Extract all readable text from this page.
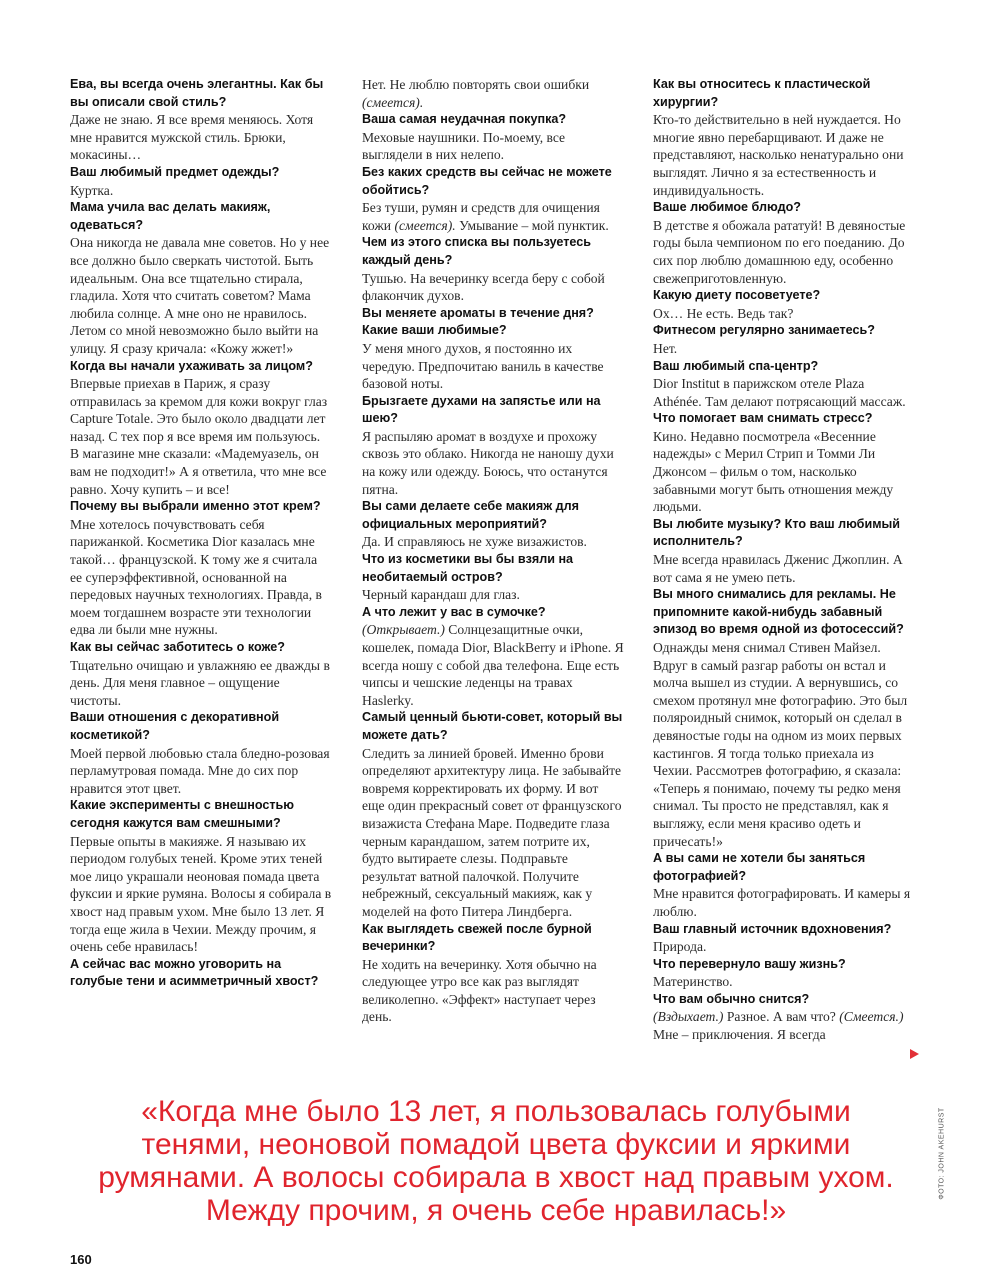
Ева, вы всегда очень элегантны. Как бы вы описали свой стиль?

Даже не знаю. Я все время меняюсь. Хотя мне нравится мужской стиль. Брюки, мокасины…

Ваш любимый предмет одежды?

Куртка.

Мама учила вас делать макияж, одеваться?

Она никогда не давала мне советов. Но у нее все должно было сверкать чистотой. Быть идеальным. Она все тщательно стирала, гладила. Хотя что считать советом? Мама любила солнце. А мне оно не нравилось. Летом со мной невозможно было выйти на улицу. Я сразу кричала: «Кожу жжет!»

Когда вы начали ухаживать за лицом?

Впервые приехав в Париж, я сразу отправилась за кремом для кожи вокруг глаз Capture Totale. Это было около двадцати лет назад. С тех пор я все время им пользуюсь. В магазине мне сказали: «Мадемуазель, он вам не подходит!» А я ответила, что мне все равно. Хочу купить – и все!

Почему вы выбрали именно этот крем?

Мне хотелось почувствовать себя парижанкой. Косметика Dior казалась мне такой… французской. К тому же я считала ее суперэффективной, основанной на передовых научных технологиях. Правда, в моем тогдашнем возрасте эти технологии едва ли были мне нужны.

Как вы сейчас заботитесь о коже?

Тщательно очищаю и увлажняю ее дважды в день. Для меня главное – ощущение чистоты.

Ваши отношения с декоративной косметикой?

Моей первой любовью стала бледно-розовая перламутровая помада. Мне до сих пор нравится этот цвет.

Какие эксперименты с внешностью сегодня кажутся вам смешными?

Первые опыты в макияже. Я называю их периодом голубых теней. Кроме этих теней мое лицо украшали неоновая помада цвета фуксии и яркие румяна. Волосы я собирала в хвост над правым ухом. Мне было 13 лет. Я тогда еще жила в Чехии. Между прочим, я очень себе нравилась!

А сейчас вас можно уговорить на голубые тени и асимметричный хвост?

Нет. Не люблю повторять свои ошибки (смеется).

Ваша самая неудачная покупка?

Меховые наушники. По-моему, все выглядели в них нелепо.

Без каких средств вы сейчас не можете обойтись?

Без туши, румян и средств для очищения кожи (смеется). Умывание – мой пунктик.

Чем из этого списка вы пользуетесь каждый день?

Тушью. На вечеринку всегда беру с собой флакончик духов.

Вы меняете ароматы в течение дня? Какие ваши любимые?

У меня много духов, я постоянно их чередую. Предпочитаю ваниль в качестве базовой ноты.

Брызгаете духами на запястье или на шею?

Я распыляю аромат в воздухе и прохожу сквозь это облако. Никогда не наношу духи на кожу или одежду. Боюсь, что останутся пятна.

Вы сами делаете себе макияж для официальных мероприятий?

Да. И справляюсь не хуже визажистов.

Что из косметики вы бы взяли на необитаемый остров?

Черный карандаш для глаз.

А что лежит у вас в сумочке?

(Открывает.) Солнцезащитные очки, кошелек, помада Dior, BlackBerry и iPhone. Я всегда ношу с собой два телефона. Еще есть чипсы и чешские леденцы на травах Haslerky.

Самый ценный бьюти-совет, который вы можете дать?

Следить за линией бровей. Именно брови определяют архитектуру лица. Не забывайте вовремя корректировать их форму. И вот еще один прекрасный совет от французского визажиста Стефана Маре. Подведите глаза черным карандашом, затем потрите их, будто вытираете слезы. Подправьте результат ватной палочкой. Получите небрежный, сексуальный макияж, как у моделей на фото Питера Линдберга.

Как выглядеть свежей после бурной вечеринки?

Не ходить на вечеринку. Хотя обычно на следующее утро все как раз выглядят великолепно. «Эффект» наступает через день.

Как вы относитесь к пластической хирургии?

Кто-то действительно в ней нуждается. Но многие явно перебарщивают. И даже не представляют, насколько ненатурально они выглядят. Лично я за естественность и индивидуальность.

Ваше любимое блюдо?

В детстве я обожала рататуй! В девяностые годы была чемпионом по его поеданию. До сих пор люблю домашнюю еду, особенно свежеприготовленную.

Какую диету посоветуете?

Ох… Не есть. Ведь так?

Фитнесом регулярно занимаетесь?

Нет.

Ваш любимый спа-центр?

Dior Institut в парижском отеле Plaza Athénée. Там делают потрясающий массаж.

Что помогает вам снимать стресс?

Кино. Недавно посмотрела «Весенние надежды» с Мерил Стрип и Томми Ли Джонсом – фильм о том, насколько забавными могут быть отношения между людьми.

Вы любите музыку? Кто ваш любимый исполнитель?

Мне всегда нравилась Дженис Джоплин. А вот сама я не умею петь.

Вы много снимались для рекламы. Не припомните какой-нибудь забавный эпизод во время одной из фотосессий?

Однажды меня снимал Стивен Майзел. Вдруг в самый разгар работы он встал и молча вышел из студии. А вернувшись, со смехом протянул мне фотографию. Это был поляроидный снимок, который он сделал в девяностые годы на одном из моих первых кастингов. Я тогда только приехала из Чехии. Рассмотрев фотографию, я сказала: «Теперь я понимаю, почему ты редко меня снимал. Ты просто не представлял, как я выгляжу, если меня красиво одеть и причесать!»

А вы сами не хотели бы заняться фотографией?

Мне нравится фотографировать. И камеры я люблю.

Ваш главный источник вдохновения?

Природа.

Что перевернуло вашу жизнь?

Материнство.

Что вам обычно снится?

(Вздыхает.) Разное. А вам что? (Смеется.) Мне – приключения. Я всегда

«Когда мне было 13 лет, я пользовалась голубыми тенями, неоновой помадой цвета фуксии и яркими румянами. А волосы собирала в хвост над правым ухом. Между прочим, я очень себе нравилась!»

ФОТО: JOHN AKEHURST

160
